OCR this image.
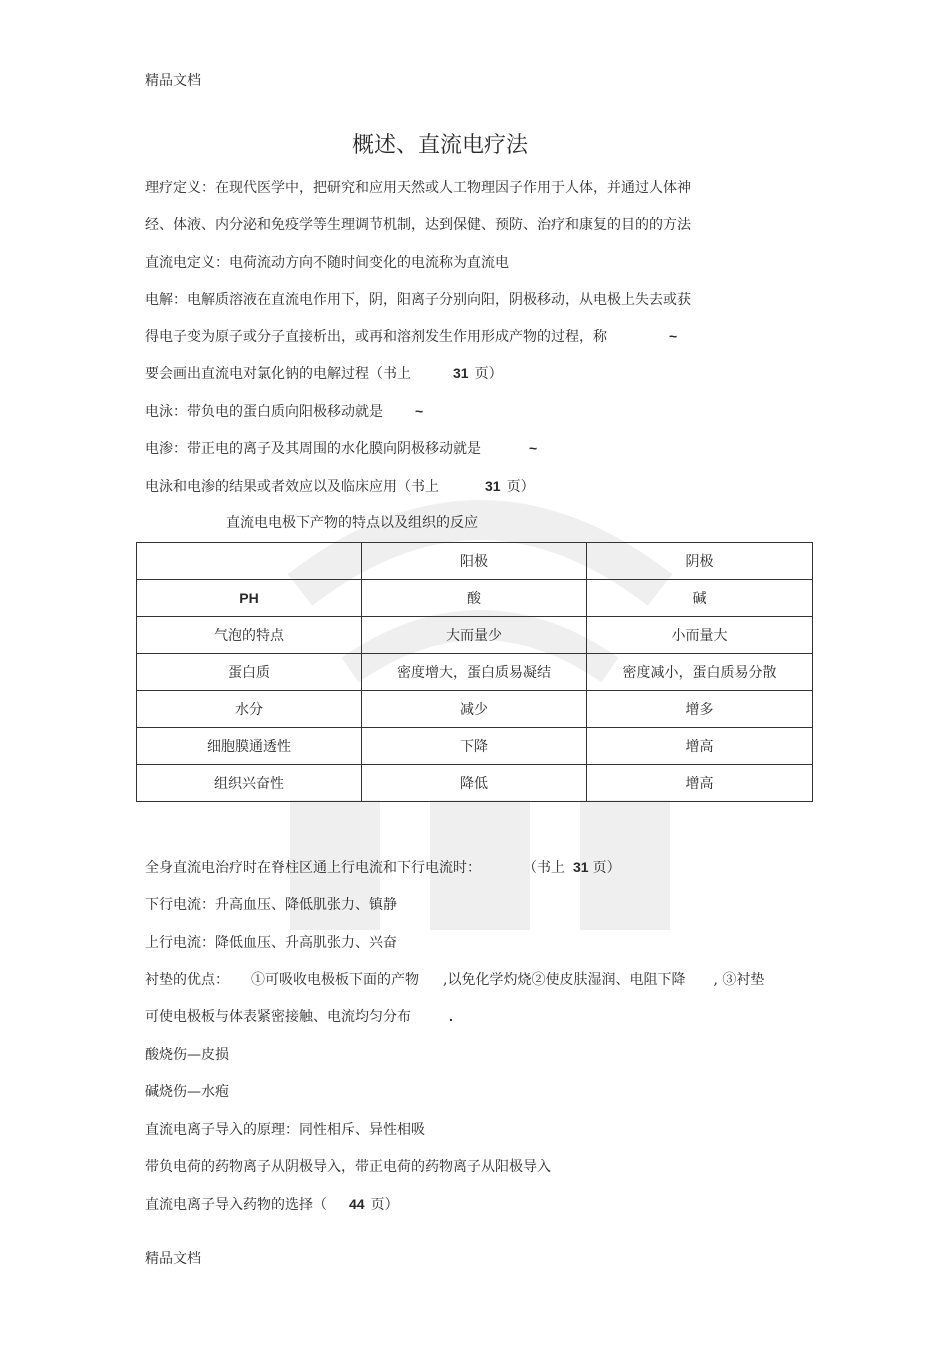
精品文档
概述、直流电疗法
理疗定义：在现代医学中，把研究和应用天然或人工物理因子作用于人体，并通过人体神
经、体液、内分泌和免疫学等生理调节机制，达到保健、预防、治疗和康复的目的的方法
直流电定义：电荷流动方向不随时间变化的电流称为直流电
电解：电解质溶液在直流电作用下，阴，阳离子分别向阳，阴极移动，从电极上失去或获
得电子变为原子或分子直接析出，或再和溶剂发生作用形成产物的过程，称	~
要会画出直流电对氯化钠的电解过程（书上	31 页）
电泳：带负电的蛋白质向阳极移动就是 ~
电渗：带正电的离子及其周围的水化膜向阴极移动就是	~
电泳和电渗的结果或者效应以及临床应用（书上	31 页）
直流电电极下产物的特点以及组织的反应
	阳极	阴极
PH	酸	碱
气泡的特点	大而量少	小而量大
蛋白质	密度增大，蛋白质易凝结	密度减小，蛋白质易分散
水分	减少	增多
细胞膜通透性	下降	增高
组织兴奋性	降低	增高
全身直流电治疗时在脊柱区通上行电流和下行电流时：	（书上 31 页）
下行电流：升高血压、降低肌张力、镇静
上行电流：降低血压、升高肌张力、兴奋
衬垫的优点： ①可吸收电极板下面的产物 ,以免化学灼烧②使皮肤湿润、电阻下降 , ③衬垫
可使电极板与体表紧密接触、电流均匀分布	.
酸烧伤—皮损
碱烧伤—水疱
直流电离子导入的原理：同性相斥、异性相吸
带负电荷的药物离子从阴极导入，带正电荷的药物离子从阳极导入
直流电离子导入药物的选择（ 44 页）
精品文档
